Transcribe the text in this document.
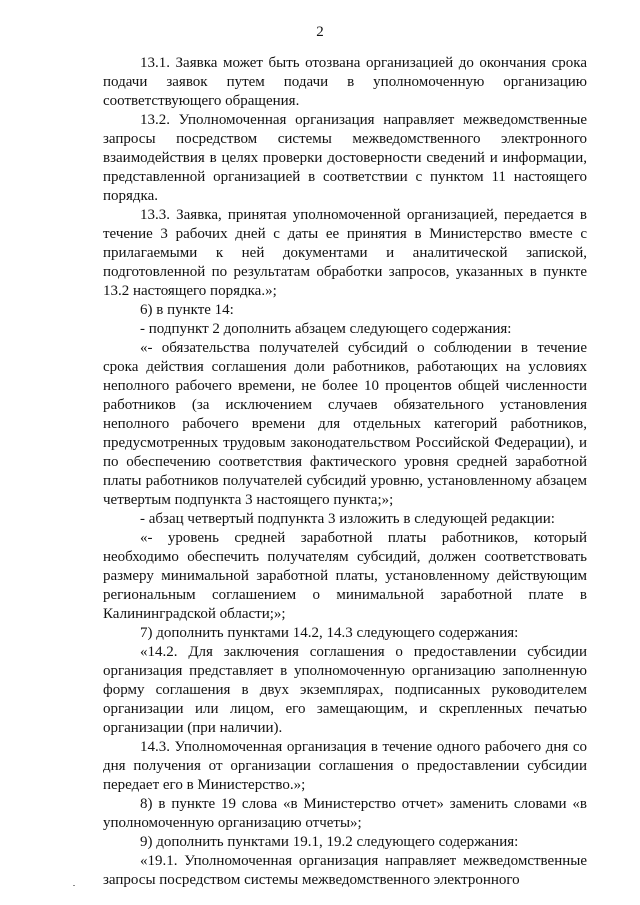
2

13.1. Заявка может быть отозвана организацией до окончания срока подачи заявок путем подачи в уполномоченную организацию соответствующего обращения.

13.2. Уполномоченная организация направляет межведомственные запросы посредством системы межведомственного электронного взаимодействия в целях проверки достоверности сведений и информации, представленной организацией в соответствии с пунктом 11 настоящего порядка.

13.3. Заявка, принятая уполномоченной организацией, передается в течение 3 рабочих дней с даты ее принятия в Министерство вместе с прилагаемыми к ней документами и аналитической запиской, подготовленной по результатам обработки запросов, указанных в пункте 13.2 настоящего порядка.»;

6) в пункте 14:

- подпункт 2 дополнить абзацем следующего содержания:

«- обязательства получателей субсидий о соблюдении в течение срока действия соглашения доли работников, работающих на условиях неполного рабочего времени, не более 10 процентов общей численности работников (за исключением случаев обязательного установления неполного рабочего времени для отдельных категорий работников, предусмотренных трудовым законодательством Российской Федерации), и по обеспечению соответствия фактического уровня средней заработной платы работников получателей субсидий уровню, установленному абзацем четвертым подпункта 3 настоящего пункта;»;

- абзац четвертый подпункта 3 изложить в следующей редакции:

«- уровень средней заработной платы работников, который необходимо обеспечить получателям субсидий, должен соответствовать размеру минимальной заработной платы, установленному действующим региональным соглашением о минимальной заработной плате в Калининградской области;»;

7) дополнить пунктами 14.2, 14.3 следующего содержания:

«14.2. Для заключения соглашения о предоставлении субсидии организация представляет в уполномоченную организацию заполненную форму соглашения в двух экземплярах, подписанных руководителем организации или лицом, его замещающим, и скрепленных печатью организации (при наличии).

14.3. Уполномоченная организация в течение одного рабочего дня со дня получения от организации соглашения о предоставлении субсидии передает его в Министерство.»;

8) в пункте 19 слова «в Министерство отчет» заменить словами «в уполномоченную организацию отчеты»;

9) дополнить пунктами 19.1, 19.2 следующего содержания:

«19.1. Уполномоченная организация направляет межведомственные запросы посредством системы межведомственного электронного
